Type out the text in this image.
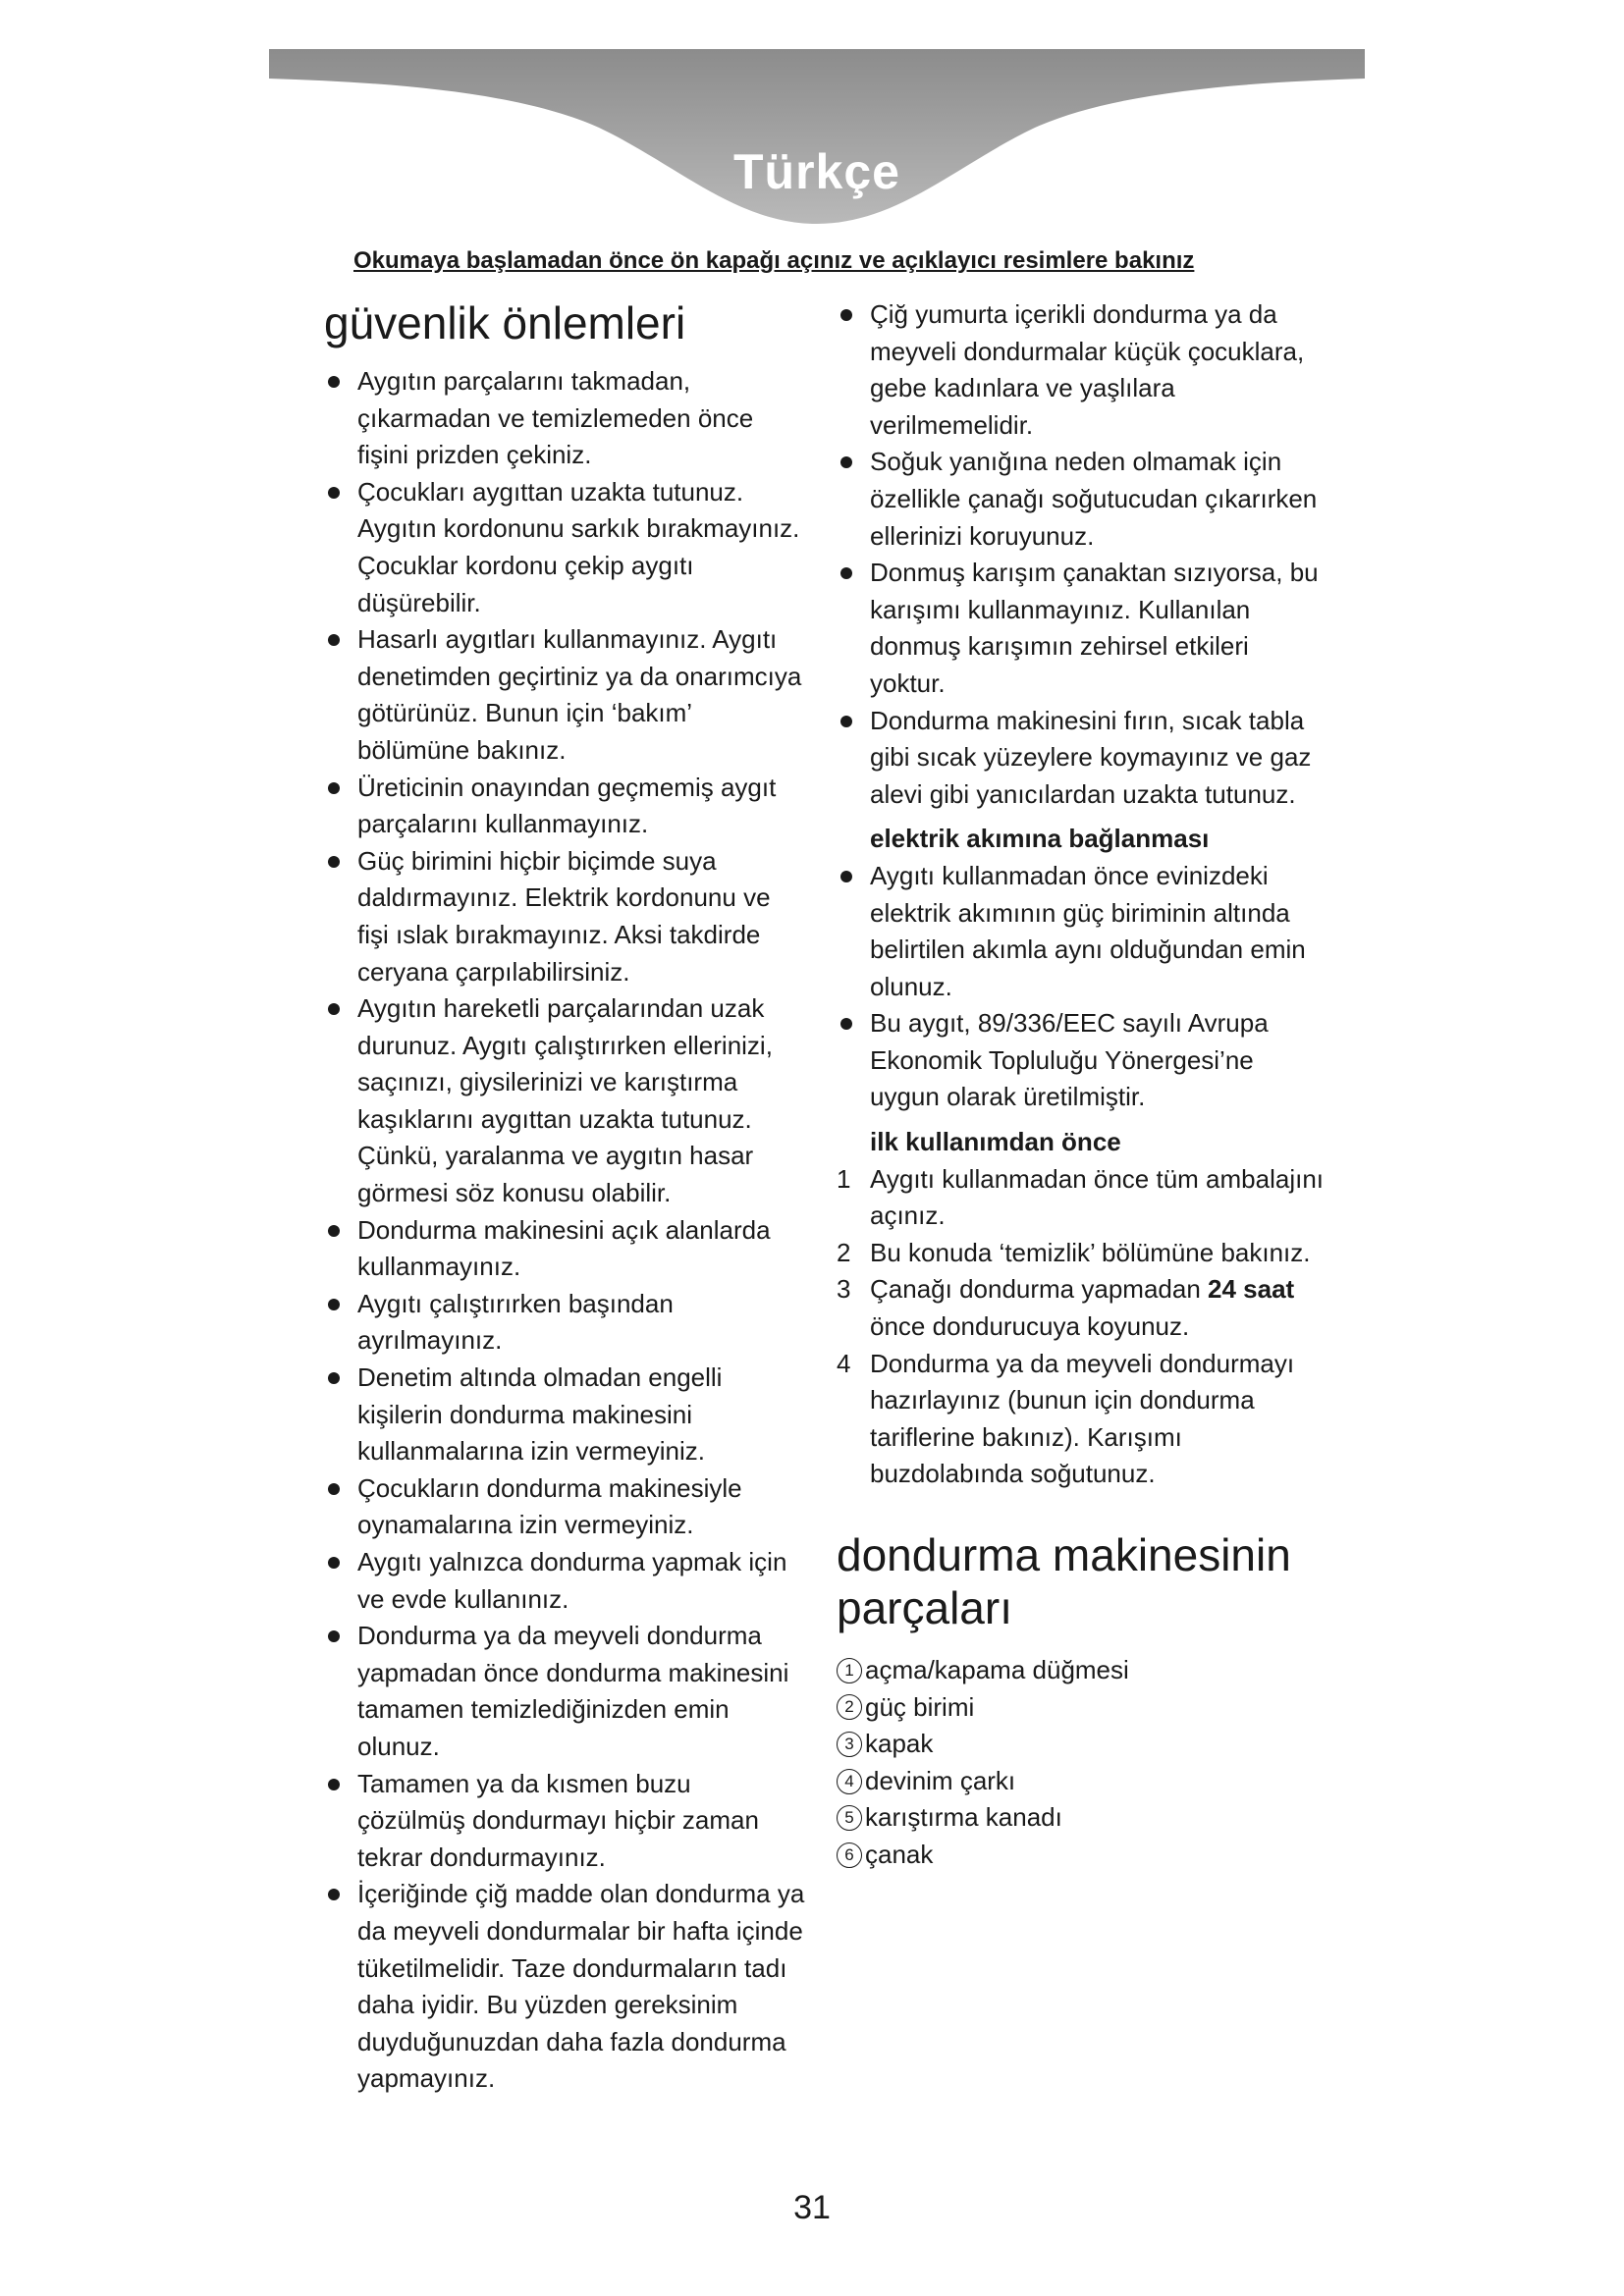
Türkçe
Okumaya başlamadan önce ön kapağı açınız ve açıklayıcı resimlere bakınız
güvenlik önlemleri
Aygıtın parçalarını takmadan, çıkarmadan ve temizlemeden önce fişini prizden çekiniz.
Çocukları aygıttan uzakta tutunuz. Aygıtın kordonunu sarkık bırakmayınız. Çocuklar kordonu çekip aygıtı düşürebilir.
Hasarlı aygıtları kullanmayınız. Aygıtı denetimden geçirtiniz ya da onarımcıya götürünüz. Bunun için ‘bakım’ bölümüne bakınız.
Üreticinin onayından geçmemiş aygıt parçalarını kullanmayınız.
Güç birimini hiçbir biçimde suya daldırmayınız. Elektrik kordonunu ve fişi ıslak bırakmayınız. Aksi takdirde ceryana çarpılabilirsiniz.
Aygıtın hareketli parçalarından uzak durunuz. Aygıtı çalıştırırken ellerinizi, saçınızı, giysilerinizi ve karıştırma kaşıklarını aygıttan uzakta tutunuz. Çünkü, yaralanma ve aygıtın hasar görmesi söz konusu olabilir.
Dondurma makinesini açık alanlarda kullanmayınız.
Aygıtı çalıştırırken başından ayrılmayınız.
Denetim altında olmadan engelli kişilerin dondurma makinesini kullanmalarına izin vermeyiniz.
Çocukların dondurma makinesiyle oynamalarına izin vermeyiniz.
Aygıtı yalnızca dondurma yapmak için ve evde kullanınız.
Dondurma ya da meyveli dondurma yapmadan önce dondurma makinesini tamamen temizlediğinizden emin olunuz.
Tamamen ya da kısmen buzu çözülmüş dondurmayı hiçbir zaman tekrar dondurmayınız.
İçeriğinde çiğ madde olan dondurma ya da meyveli dondurmalar bir hafta içinde tüketilmelidir. Taze dondurmaların tadı daha iyidir. Bu yüzden gereksinim duyduğunuzdan daha fazla dondurma yapmayınız.
Çiğ yumurta içerikli dondurma ya da meyveli dondurmalar küçük çocuklara, gebe kadınlara ve yaşlılara verilmemelidir.
Soğuk yanığına neden olmamak için özellikle çanağı soğutucudan çıkarırken ellerinizi koruyunuz.
Donmuş karışım çanaktan sızıyorsa, bu karışımı kullanmayınız. Kullanılan donmuş karışımın zehirsel etkileri yoktur.
Dondurma makinesini fırın, sıcak tabla gibi sıcak yüzeylere koymayınız ve gaz alevi gibi yanıcılardan uzakta tutunuz.
elektrik akımına bağlanması
Aygıtı kullanmadan önce evinizdeki elektrik akımının güç biriminin altında belirtilen akımla aynı olduğundan emin olunuz.
Bu aygıt, 89/336/EEC sayılı Avrupa Ekonomik Topluluğu Yönergesi’ne uygun olarak üretilmiştir.
ilk kullanımdan önce
1 Aygıtı kullanmadan önce tüm ambalajını açınız.
2 Bu konuda ‘temizlik’ bölümüne bakınız.
3 Çanağı dondurma yapmadan 24 saat önce dondurucuya koyunuz.
4 Dondurma ya da meyveli dondurmayı hazırlayınız (bunun için dondurma tariflerine bakınız). Karışımı buzdolabında soğutunuz.
dondurma makinesinin parçaları
1 açma/kapama düğmesi
2 güç birimi
3 kapak
4 devinim çarkı
5 karıştırma kanadı
6 çanak
31
